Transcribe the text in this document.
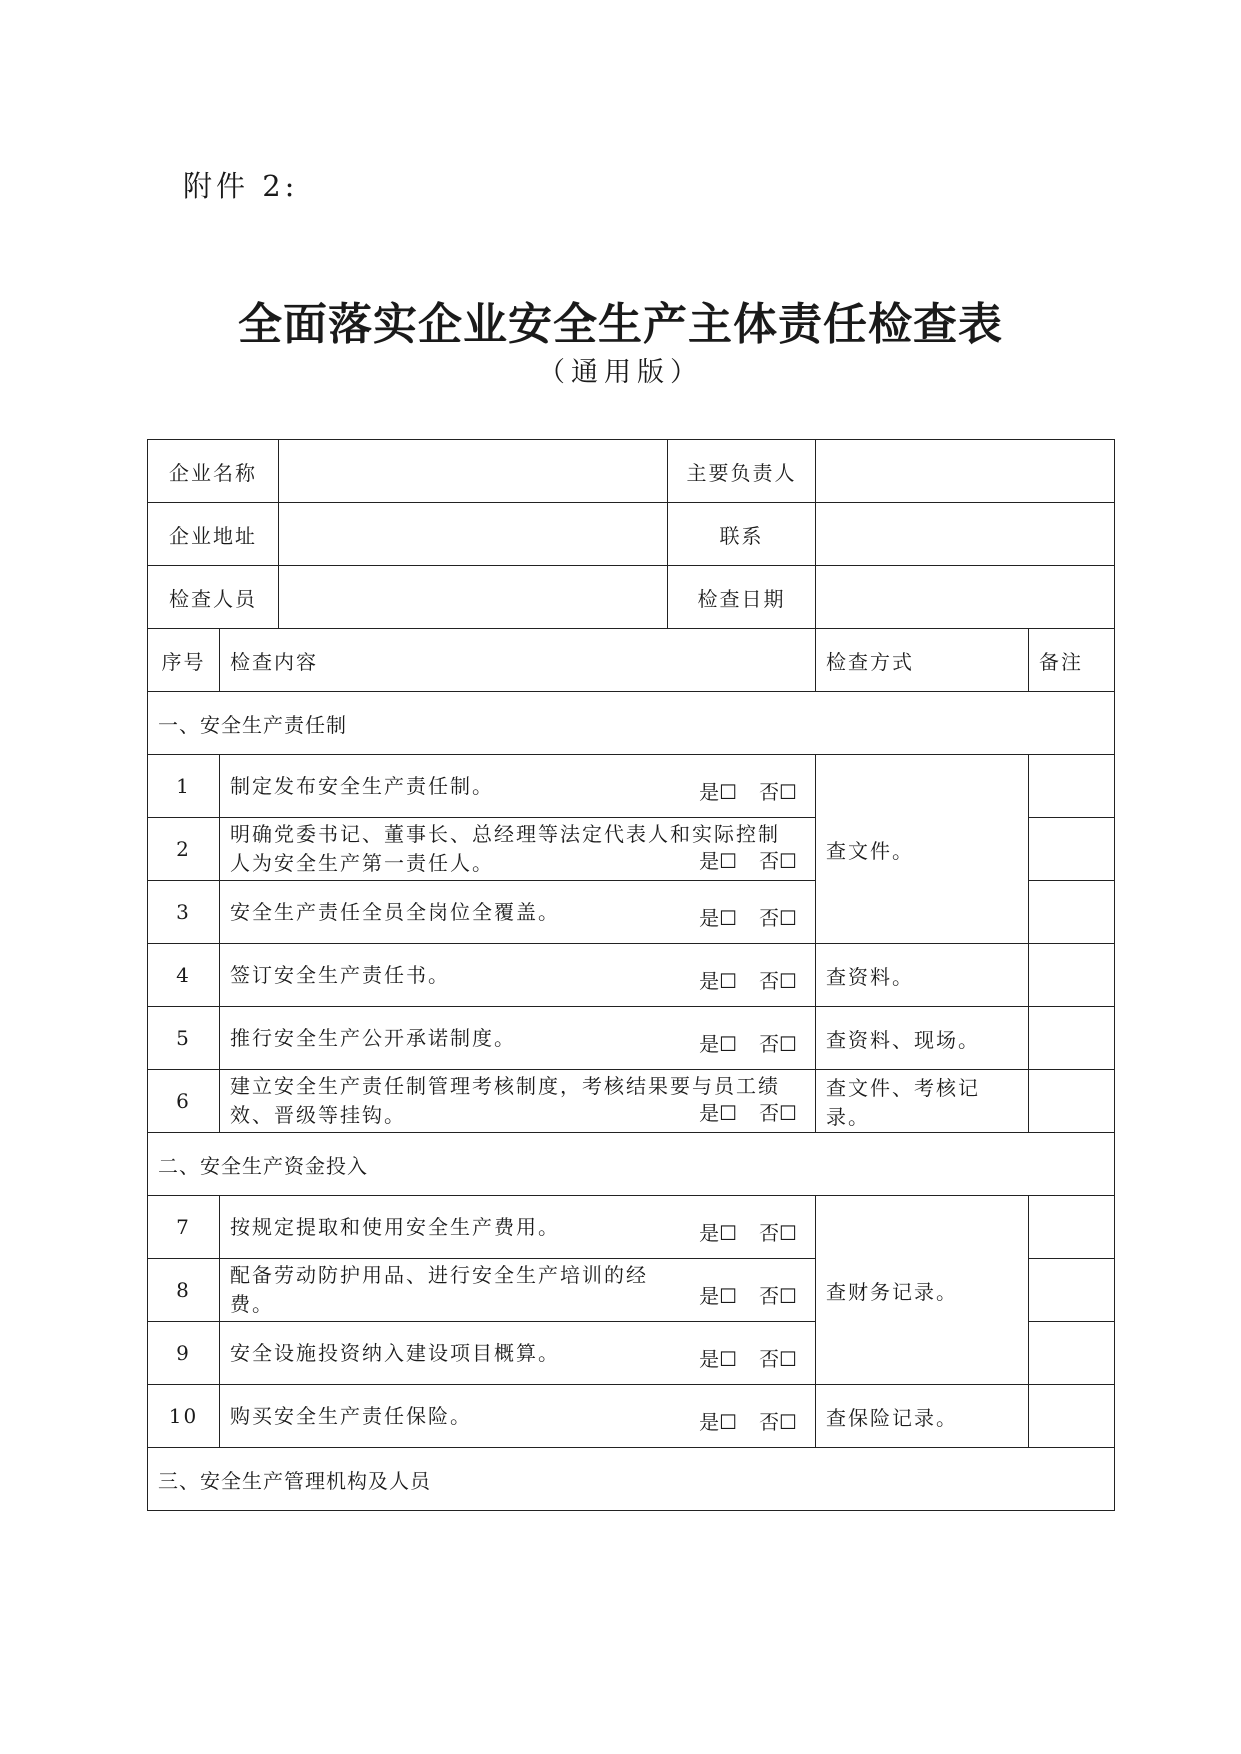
附件 2:
全面落实企业安全生产主体责任检查表
（通用版）
企业名称			主要负责人		
企业地址			联系		
检查人员			检查日期		
序号	检查内容			检查方式	备注
一、安全生产责任制					
1	制定发布安全生产责任制。 是☐ 否☐			查文件。	
2	明确党委书记、董事长、总经理等法定代表人和实际控制人为安全生产第一责任人。 是☐ 否☐				

3	安全生产责任全员全岗位全覆盖。 是☐ 否☐				

4	签订安全生产责任书。 是☐ 否☐			查资料。	
5	推行安全生产公开承诺制度。 是☐ 否☐			查资料、现场。	
6	建立安全生产责任制管理考核制度，考核结果要与员工绩效、晋级等挂钩。 是☐ 否☐			查文件、考核记录。	
二、安全生产资金投入					
7	按规定提取和使用安全生产费用。 是☐ 否☐			查财务记录。	
8	配备劳动防护用品、进行安全生产培训的经费。 是☐ 否☐				

9	安全设施投资纳入建设项目概算。 是☐ 否☐				

10	购买安全生产责任保险。 是☐ 否☐			查保险记录。	
三、安全生产管理机构及人员					
